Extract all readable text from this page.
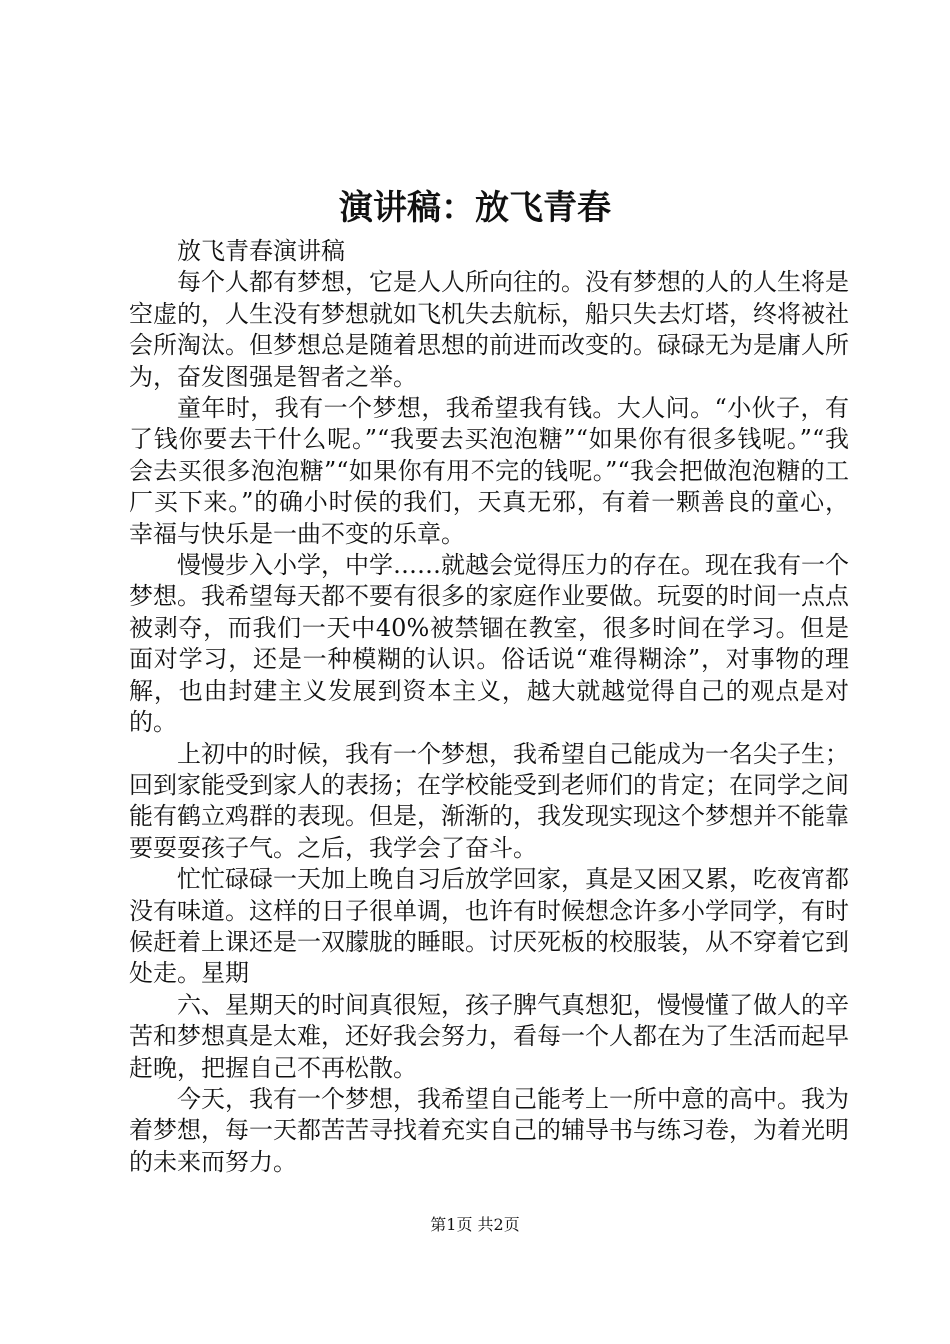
演讲稿：放飞青春

放飞青春演讲稿

每个人都有梦想，它是人人所向往的。没有梦想的人的人生将是空虚的，人生没有梦想就如飞机失去航标，船只失去灯塔，终将被社会所淘汰。但梦想总是随着思想的前进而改变的。碌碌无为是庸人所为，奋发图强是智者之举。

童年时，我有一个梦想，我希望我有钱。大人问。“小伙子，有了钱你要去干什么呢。”“我要去买泡泡糖”“如果你有很多钱呢。”“我会去买很多泡泡糖”“如果你有用不完的钱呢。”“我会把做泡泡糖的工厂买下来。”的确小时侯的我们，天真无邪，有着一颗善良的童心，幸福与快乐是一曲不变的乐章。

慢慢步入小学，中学……就越会觉得压力的存在。现在我有一个梦想。我希望每天都不要有很多的家庭作业要做。玩耍的时间一点点被剥夺，而我们一天中40%被禁锢在教室，很多时间在学习。但是面对学习，还是一种模糊的认识。俗话说“难得糊涂”，对事物的理解，也由封建主义发展到资本主义，越大就越觉得自己的观点是对的。

上初中的时候，我有一个梦想，我希望自己能成为一名尖子生；回到家能受到家人的表扬；在学校能受到老师们的肯定；在同学之间能有鹤立鸡群的表现。但是，渐渐的，我发现实现这个梦想并不能靠要耍耍孩子气。之后，我学会了奋斗。

忙忙碌碌一天加上晚自习后放学回家，真是又困又累，吃夜宵都没有味道。这样的日子很单调，也许有时候想念许多小学同学，有时候赶着上课还是一双朦胧的睡眼。讨厌死板的校服装，从不穿着它到处走。星期

六、星期天的时间真很短，孩子脾气真想犯，慢慢懂了做人的辛苦和梦想真是太难，还好我会努力，看每一个人都在为了生活而起早赶晚，把握自己不再松散。

今天，我有一个梦想，我希望自己能考上一所中意的高中。我为着梦想，每一天都苦苦寻找着充实自己的辅导书与练习卷，为着光明的未来而努力。

第1页 共2页
